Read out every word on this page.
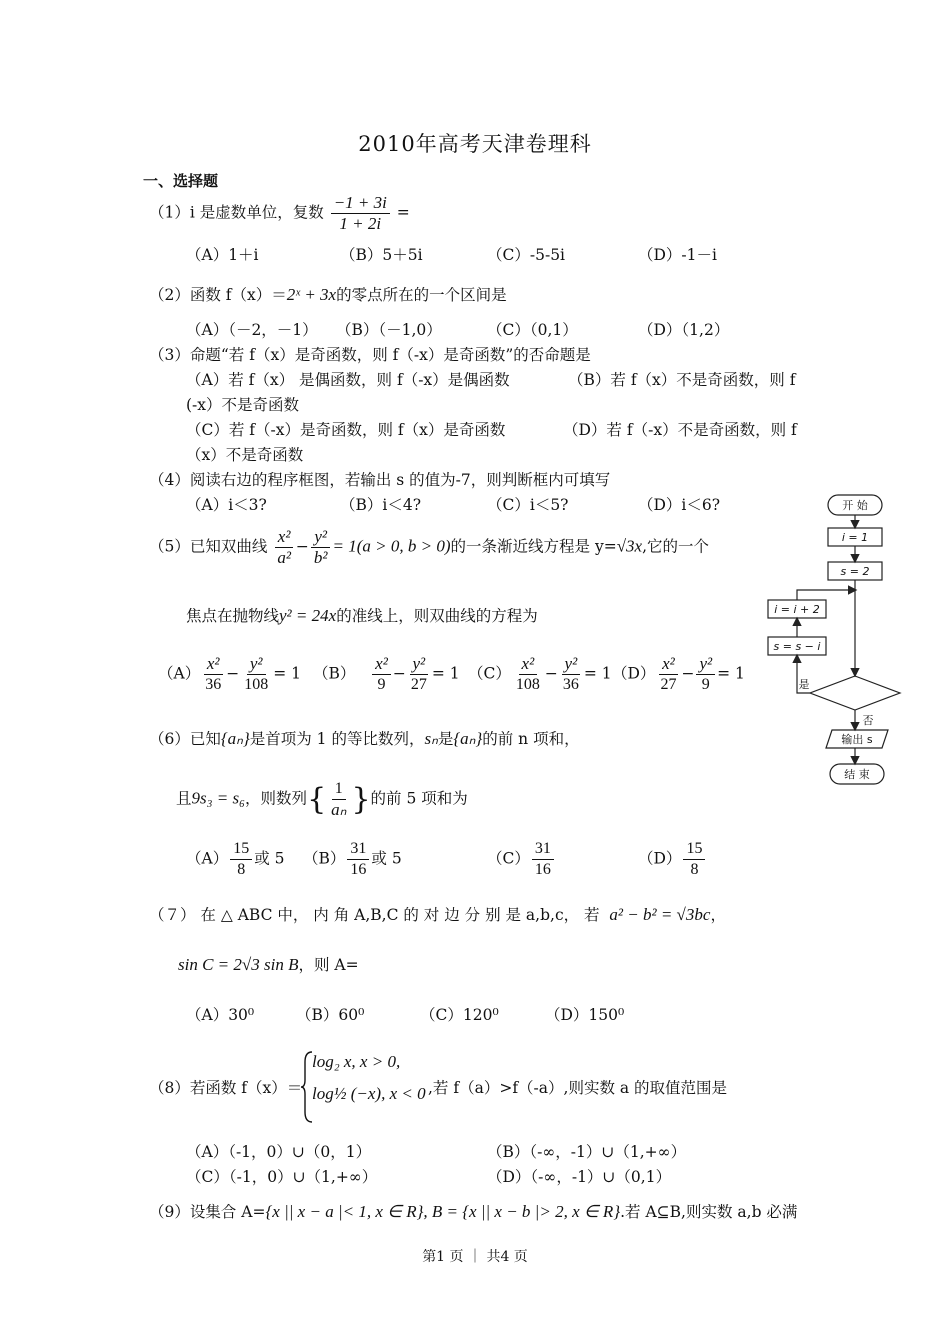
2010年高考天津卷理科
一、选择题
（1）i 是虚数单位，复数 $\frac{-1 + 3i}{1 + 2i}$ =
（A）1＋i	（B）5＋5i	（C）-5-5i	（D）-1－i
（2）函数 f（x）＝2ˣ + 3x的零点所在的一个区间是
（A）（－2，－1） （B）（－1,0）	（C）（0,1）	（D）（1,2）
（3）命题“若 f（x）是奇函数，则 f（-x）是奇函数”的否命题是
（A）若 f（x） 是偶函数，则 f（-x）是偶函数	（B）若 f（x）不是奇函数，则 f
(-x）不是奇函数
（C）若 f（-x）是奇函数，则 f（x）是奇函数	（D）若 f（-x）不是奇函数，则 f
（x）不是奇函数
（4）阅读右边的程序框图，若输出 s 的值为-7，则判断框内可填写
（A）i＜3?	（B）i＜4?	（C）i＜5?	（D）i＜6?
（5）已知双曲线 $\frac{\text{x²}}{\text{a²}} - \frac{\text{y²}}{\text{b²}} = 1(a > 0$, b > 0)的一条渐近线方程是 y=√3x,它的一个
焦点在抛物线y² = 24x的准线上，则双曲线的方程为
$(A) \frac{\text{x²}}{36} - \frac{\text{y²}}{108} = 1$ $(B) \frac{\text{x²}}{9} - \frac{\text{y²}}{27} = 1$ $(C) \frac{\text{x²}}{108} - \frac{\text{y²}}{36} = 1$ $(D) \frac{\text{x²}}{27} - \frac{\text{y²}}{9} = 1$
（6）已知{aₙ}是首项为 1 的等比数列，sₙ是{aₙ}的前 n 项和，
且9s₃ = s₆，则数列{ $\frac{1}{\text{aₙ}}$ }的前 5 项和为
$(A) \frac{15}{8}$ 或 5 $(B) \frac{31}{16}$ 或 5	$(C) \frac{31}{16}$	$(D) \frac{15}{8}$
（７） 在 △ ABC 中， 内 角 A,B,C 的 对 边 分 别 是 a,b,c， 若 a² − b² = √3bc，
sin C = 2√3 sin B，则 A=
（A）30⁰	（B）60⁰	（C）120⁰	（D）150⁰
（8）若函数 f（x）＝
log₂ x, x > 0,
log½ (−x), x < 0 ,若 f（a）>f（-a）,则实数 a 的取值范围是
（A）（-1，0）∪（0，1）	（B）（-∞，-1）∪（1,+∞）
（C）（-1，0）∪（1,+∞）	（D）（-∞，-1）∪（0,1）
（9）设集合 A={x || x − a |< 1, x ∈ R}, B = {x || x − b |> 2, x ∈ R}.若 A⊆B,则实数 a,b 必满
第1 页 ｜ 共4 页
开 始
i = 1
s = 2
i = i + 2
s = s − i
是
否
输出 s
结 束
